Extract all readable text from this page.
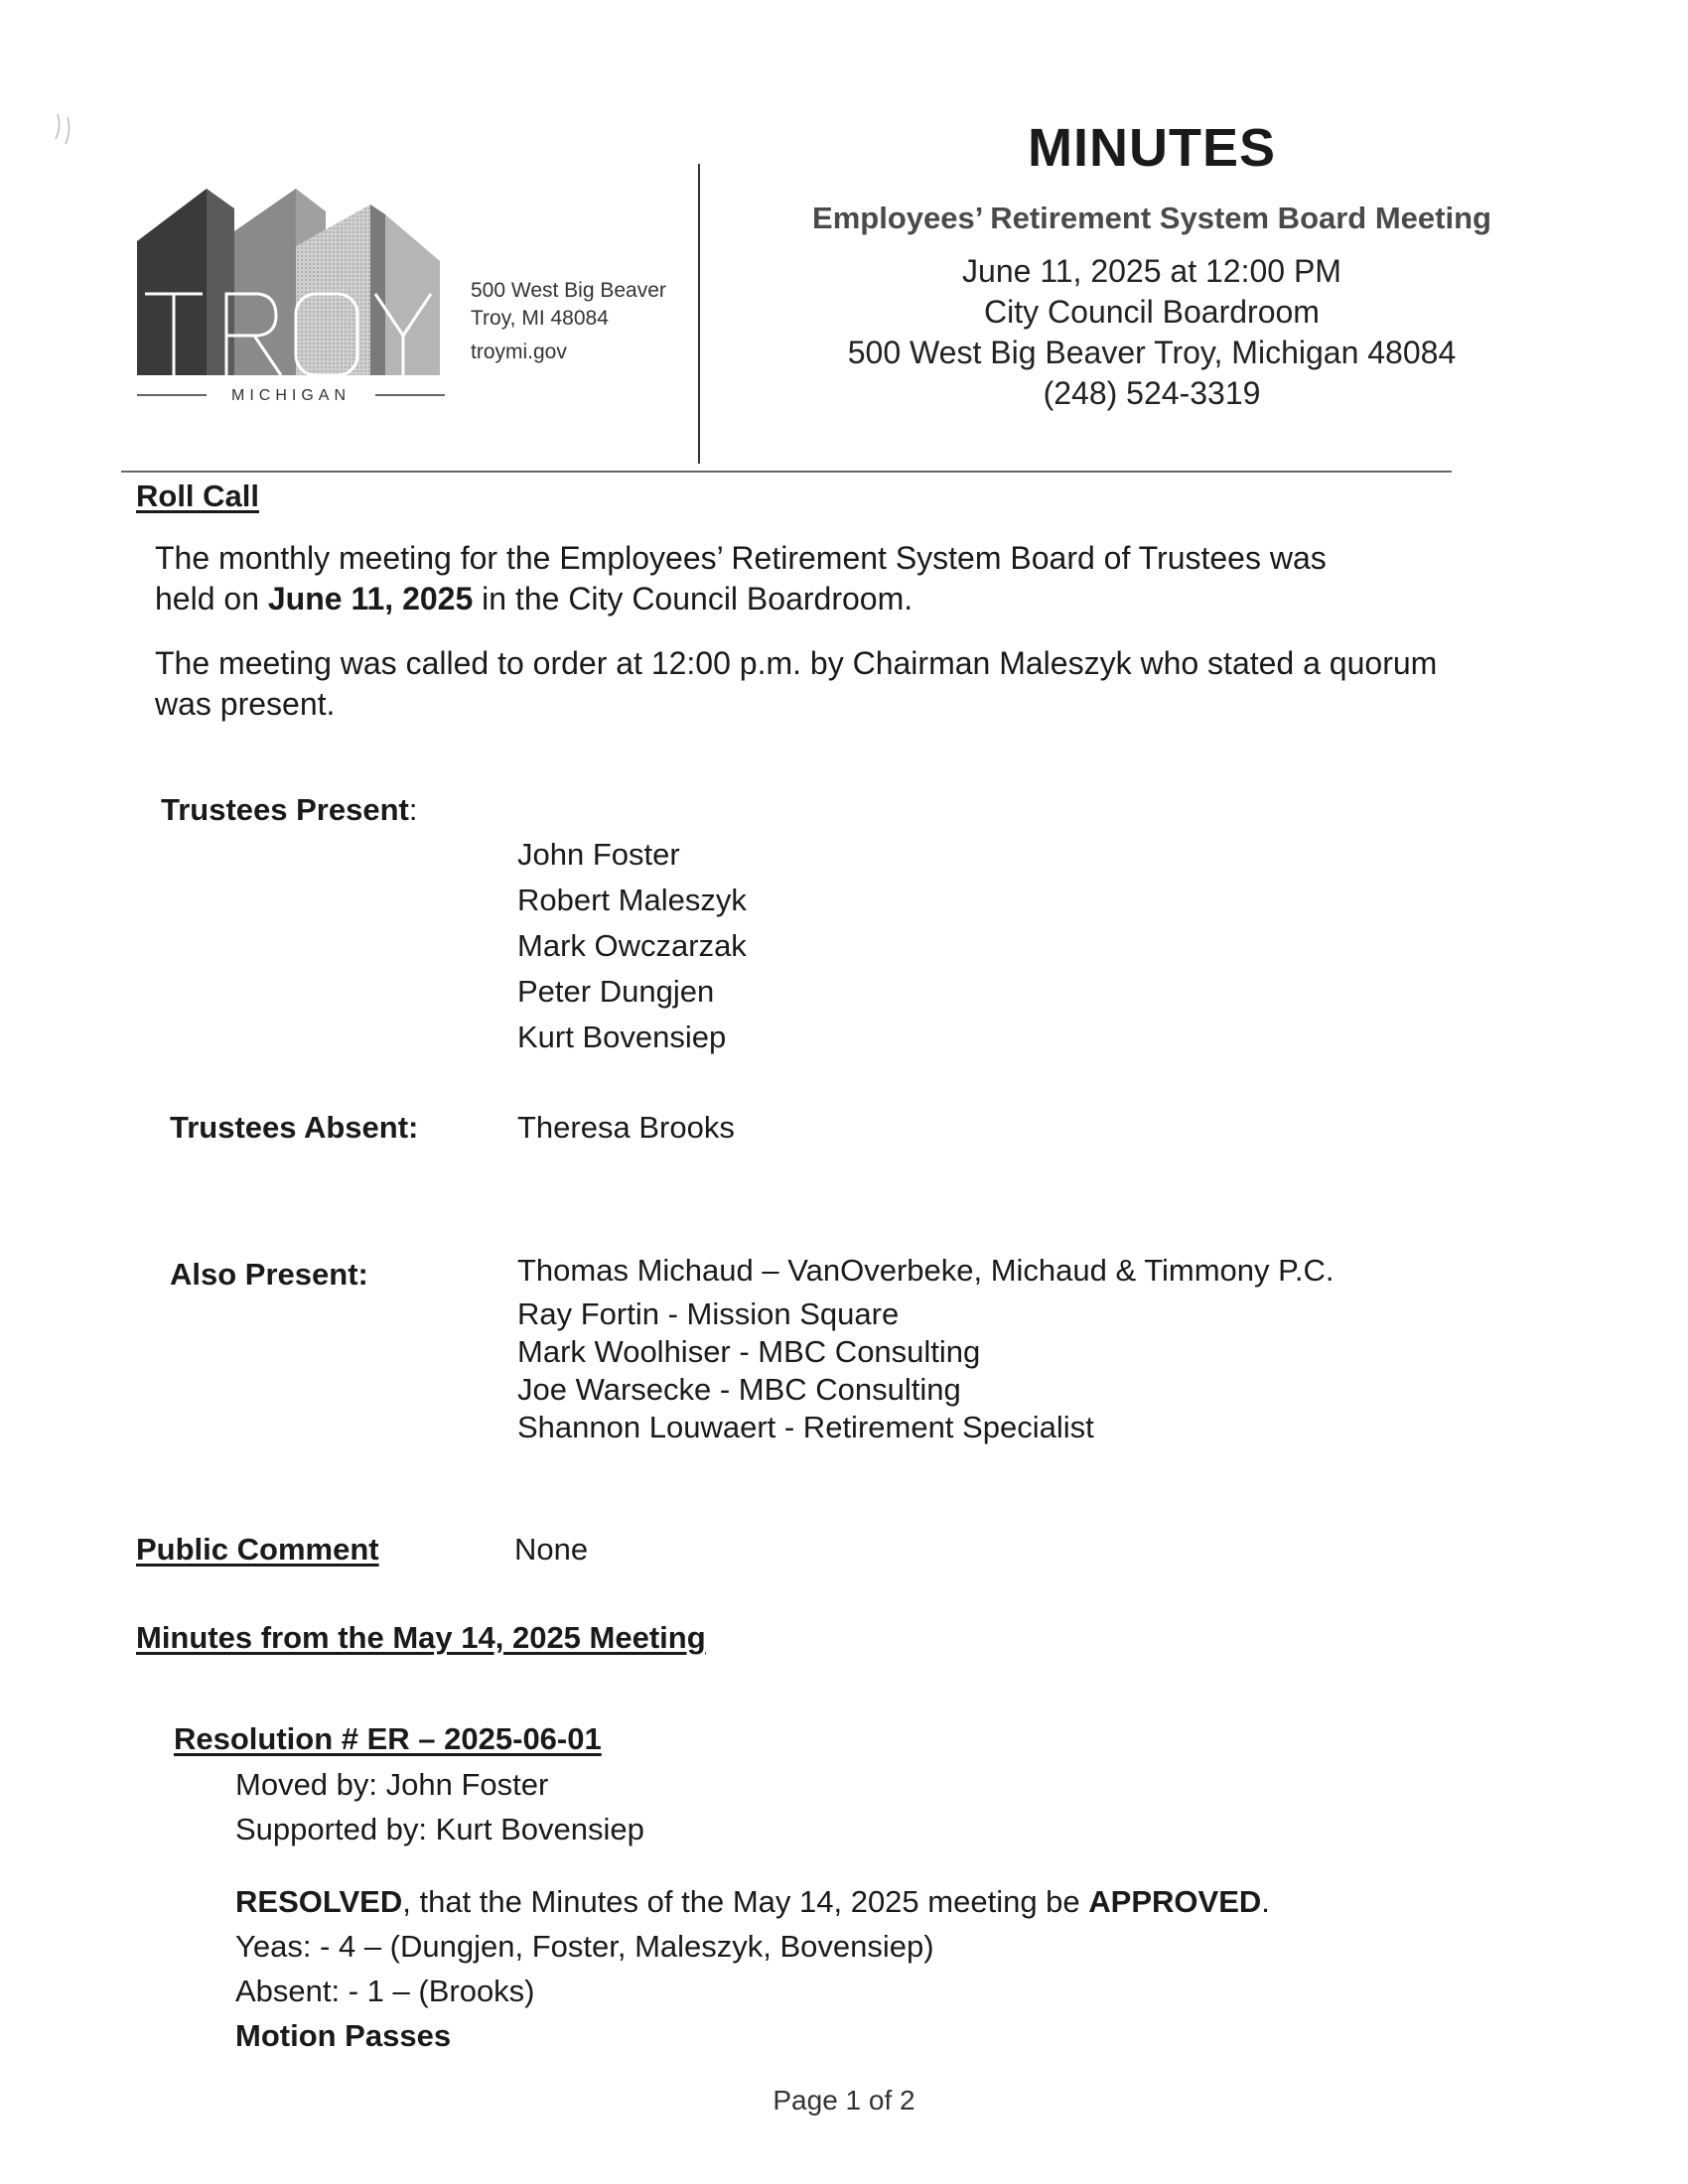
MICHIGAN
500 West Big Beaver
Troy, MI 48084
troymi.gov
MINUTES
Employees’ Retirement System Board Meeting
June 11, 2025 at 12:00 PM
City Council Boardroom
500 West Big Beaver Troy, Michigan 48084
(248) 524-3319
Roll Call
The monthly meeting for the Employees’ Retirement System Board of Trustees was
held on June 11, 2025 in the City Council Boardroom.
The meeting was called to order at 12:00 p.m. by Chairman Maleszyk who stated a quorum
was present.
Trustees Present:
John Foster
Robert Maleszyk
Mark Owczarzak
Peter Dungjen
Kurt Bovensiep
Trustees Absent:	Theresa Brooks
Also Present:	Thomas Michaud – VanOverbeke, Michaud & Timmony P.C.
Ray Fortin - Mission Square
Mark Woolhiser - MBC Consulting
Joe Warsecke - MBC Consulting
Shannon Louwaert - Retirement Specialist
Public Comment	None
Minutes from the May 14, 2025 Meeting
Resolution # ER – 2025-06-01
Moved by: John Foster
Supported by: Kurt Bovensiep
RESOLVED, that the Minutes of the May 14, 2025 meeting be APPROVED.
Yeas: - 4 – (Dungjen, Foster, Maleszyk, Bovensiep)
Absent: - 1 – (Brooks)
Motion Passes
Page 1 of 2
